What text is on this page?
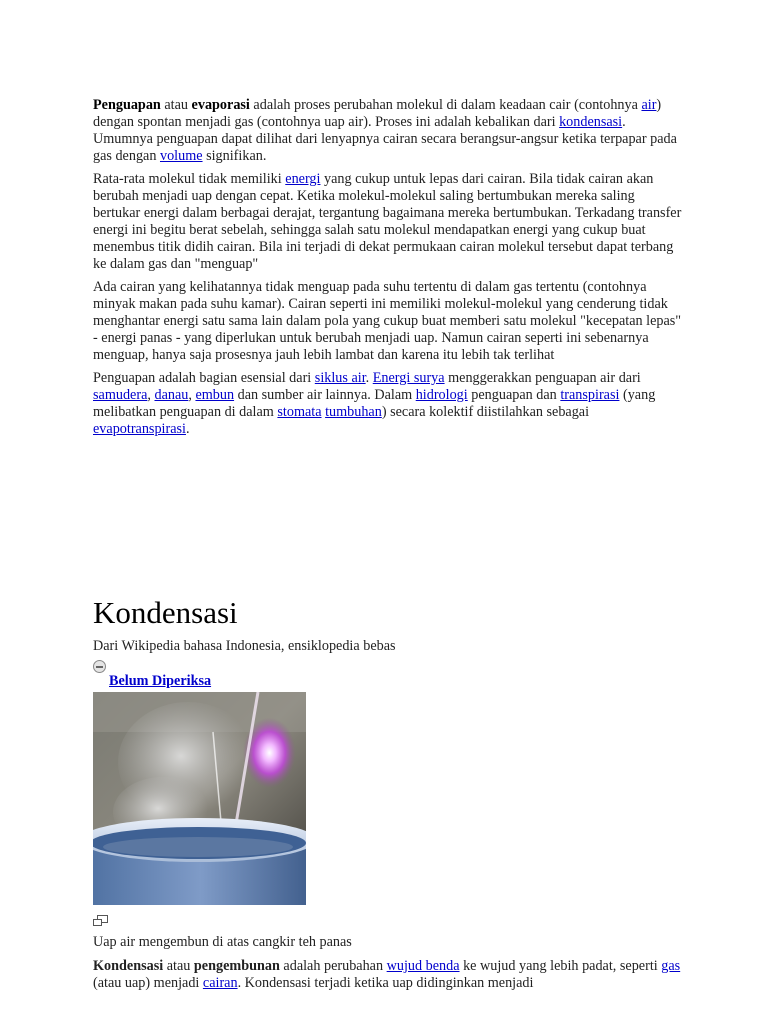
Penguapan atau evaporasi adalah proses perubahan molekul di dalam keadaan cair (contohnya air) dengan spontan menjadi gas (contohnya uap air). Proses ini adalah kebalikan dari kondensasi. Umumnya penguapan dapat dilihat dari lenyapnya cairan secara berangsur-angsur ketika terpapar pada gas dengan volume signifikan.

Rata-rata molekul tidak memiliki energi yang cukup untuk lepas dari cairan. Bila tidak cairan akan berubah menjadi uap dengan cepat. Ketika molekul-molekul saling bertumbukan mereka saling bertukar energi dalam berbagai derajat, tergantung bagaimana mereka bertumbukan. Terkadang transfer energi ini begitu berat sebelah, sehingga salah satu molekul mendapatkan energi yang cukup buat menembus titik didih cairan. Bila ini terjadi di dekat permukaan cairan molekul tersebut dapat terbang ke dalam gas dan "menguap"

Ada cairan yang kelihatannya tidak menguap pada suhu tertentu di dalam gas tertentu (contohnya minyak makan pada suhu kamar). Cairan seperti ini memiliki molekul-molekul yang cenderung tidak menghantar energi satu sama lain dalam pola yang cukup buat memberi satu molekul "kecepatan lepas" - energi panas - yang diperlukan untuk berubah menjadi uap. Namun cairan seperti ini sebenarnya menguap, hanya saja prosesnya jauh lebih lambat dan karena itu lebih tak terlihat

Penguapan adalah bagian esensial dari siklus air. Energi surya menggerakkan penguapan air dari samudera, danau, embun dan sumber air lainnya. Dalam hidrologi penguapan dan transpirasi (yang melibatkan penguapan di dalam stomata tumbuhan) secara kolektif diistilahkan sebagai evapotranspirasi.

Kondensasi
Dari Wikipedia bahasa Indonesia, ensiklopedia bebas
Belum Diperiksa
Uap air mengembun di atas cangkir teh panas

Kondensasi atau pengembunan adalah perubahan wujud benda ke wujud yang lebih padat, seperti gas (atau uap) menjadi cairan. Kondensasi terjadi ketika uap didinginkan menjadi
